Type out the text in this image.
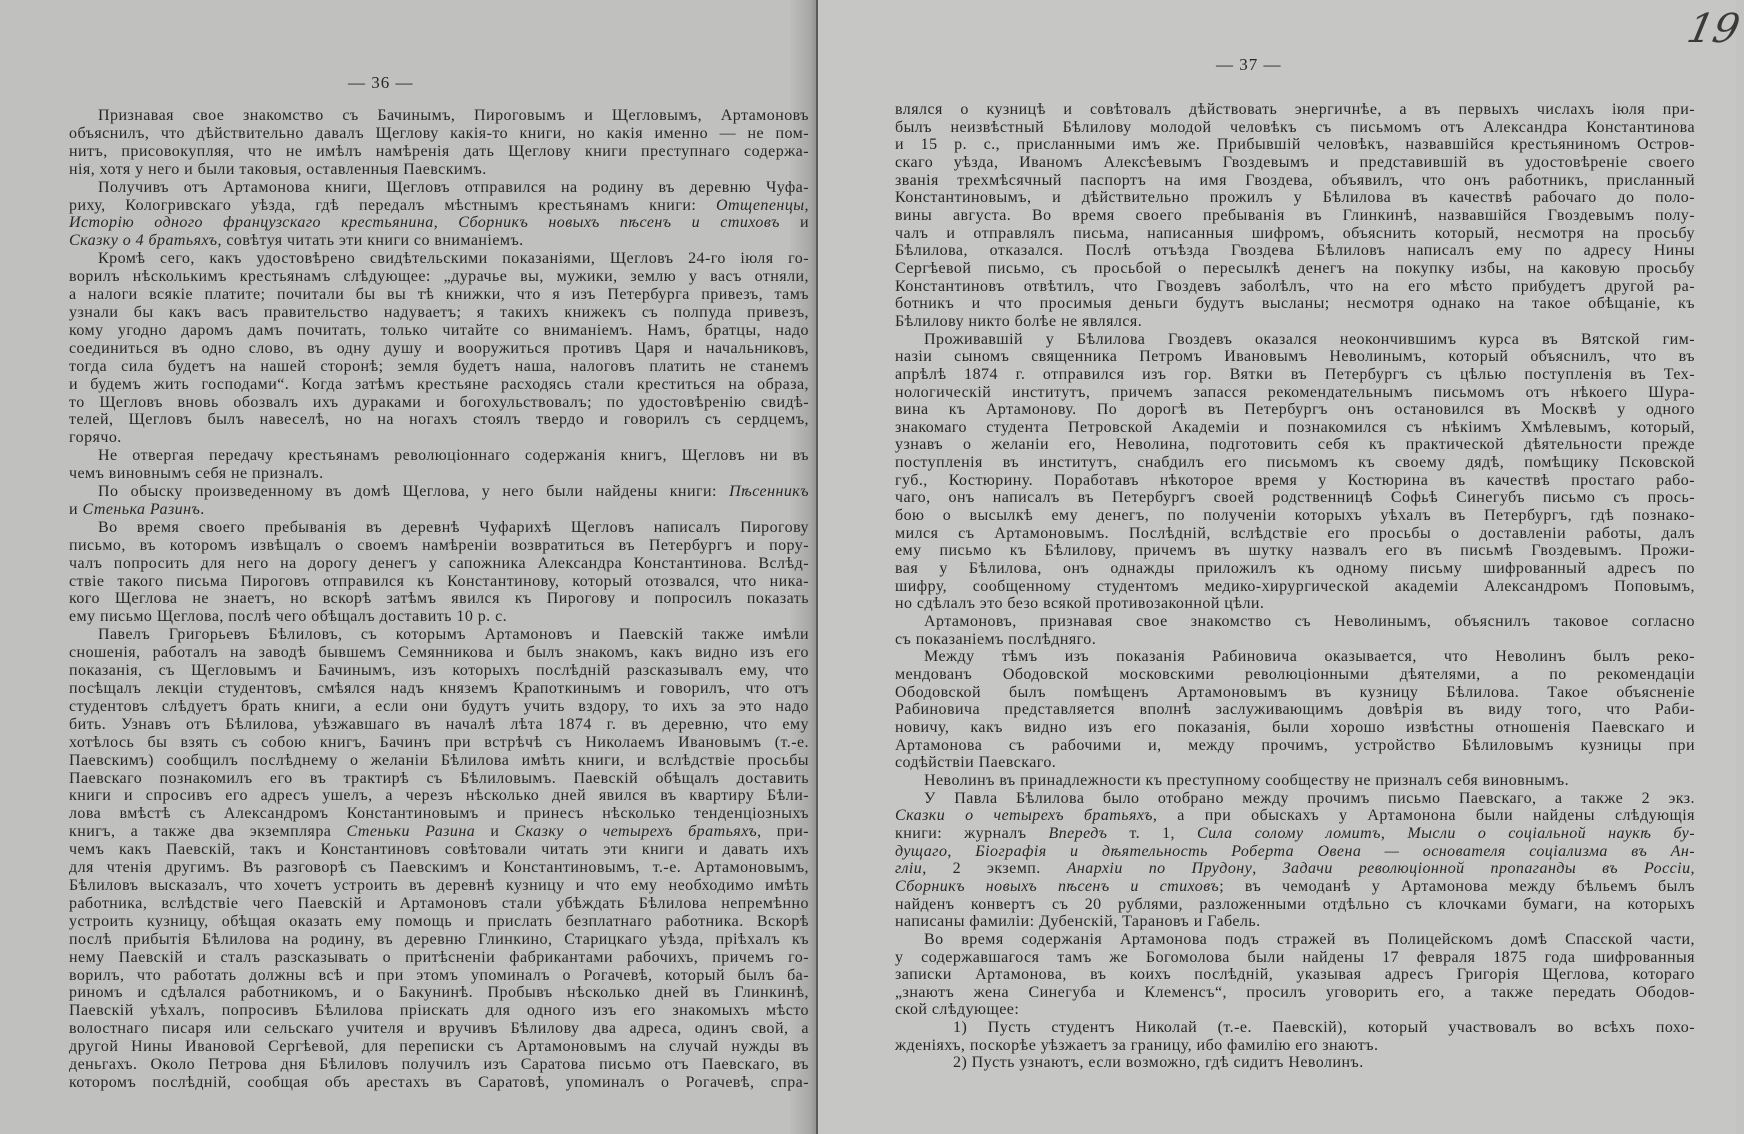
— 36 —
— 37 —
19
Признавая свое знакомство съ Бачинымъ, Пироговымъ и Щегловымъ, Артамоновъ
объяснилъ, что дѣйствительно давалъ Щеглову какія-то книги, но какія именно — не пом-
нитъ, присовокупляя, что не имѣлъ намѣренія дать Щеглову книги преступнаго содержа-
нія, хотя у него и были таковыя, оставленныя Паевскимъ.
Получивъ отъ Артамонова книги, Щегловъ отправился на родину въ деревню Чуфа-
риху, Кологривскаго уѣзда, гдѣ передалъ мѣстнымъ крестьянамъ книги: Отщепенцы,
Исторію одного французскаго крестьянина, Сборникъ новыхъ пѣсенъ и стиховъ и
Сказку о 4 братьяхъ, совѣтуя читать эти книги со вниманіемъ.
Кромѣ сего, какъ удостовѣрено свидѣтельскими показаніями, Щегловъ 24-го іюля го-
ворилъ нѣсколькимъ крестьянамъ слѣдующее: „дурачье вы, мужики, землю у васъ отняли,
а налоги всякіе платите; почитали бы вы тѣ книжки, что я изъ Петербурга привезъ, тамъ
узнали бы какъ васъ правительство надуваетъ; я такихъ книжекъ съ полпуда привезъ,
кому угодно даромъ дамъ почитать, только читайте со вниманіемъ. Намъ, братцы, надо
соединиться въ одно слово, въ одну душу и вооружиться противъ Царя и начальниковъ,
тогда сила будетъ на нашей сторонѣ; земля будетъ наша, налоговъ платить не станемъ
и будемъ жить господами“. Когда затѣмъ крестьяне расходясь стали креститься на образа,
то Щегловъ вновь обозвалъ ихъ дураками и богохульствовалъ; по удостовѣренію свидѣ-
телей, Щегловъ былъ навеселѣ, но на ногахъ стоялъ твердо и говорилъ съ сердцемъ,
горячо.
Не отвергая передачу крестьянамъ революціоннаго содержанія книгъ, Щегловъ ни въ
чемъ виновнымъ себя не призналъ.
По обыску произведенному въ домѣ Щеглова, у него были найдены книги: Пѣсенникъ
и Стенька Разинъ.
Во время своего пребыванія въ деревнѣ Чуфарихѣ Щегловъ написалъ Пирогову
письмо, въ которомъ извѣщалъ о своемъ намѣреніи возвратиться въ Петербургъ и пору-
чалъ попросить для него на дорогу денегъ у сапожника Александра Константинова. Вслѣд-
ствіе такого письма Пироговъ отправился къ Константинову, который отозвался, что ника-
кого Щеглова не знаетъ, но вскорѣ затѣмъ явился къ Пирогову и попросилъ показать
ему письмо Щеглова, послѣ чего обѣщалъ доставить 10 р. с.
Павелъ Григорьевъ Бѣлиловъ, съ которымъ Артамоновъ и Паевскій также имѣли
сношенія, работалъ на заводѣ бывшемъ Семянникова и былъ знакомъ, какъ видно изъ его
показанія, съ Щегловымъ и Бачинымъ, изъ которыхъ послѣдній разсказывалъ ему, что
посѣщалъ лекціи студентовъ, смѣялся надъ княземъ Крапоткинымъ и говорилъ, что отъ
студентовъ слѣдуетъ брать книги, а если они будутъ учить вздору, то ихъ за это надо
бить. Узнавъ отъ Бѣлилова, уѣзжавшаго въ началѣ лѣта 1874 г. въ деревню, что ему
хотѣлось бы взять съ собою книгъ, Бачинъ при встрѣчѣ съ Николаемъ Ивановымъ (т.-е.
Паевскимъ) сообщилъ послѣднему о желаніи Бѣлилова имѣть книги, и вслѣдствіе просьбы
Паевскаго познакомилъ его въ трактирѣ съ Бѣлиловымъ. Паевскій обѣщалъ доставить
книги и спросивъ его адресъ ушелъ, а черезъ нѣсколько дней явился въ квартиру Бѣли-
лова вмѣстѣ съ Александромъ Константиновымъ и принесъ нѣсколько тенденціозныхъ
книгъ, а также два экземпляра Стеньки Разина и Сказку о четырехъ братьяхъ, при-
чемъ какъ Паевскій, такъ и Константиновъ совѣтовали читать эти книги и давать ихъ
для чтенія другимъ. Въ разговорѣ съ Паевскимъ и Константиновымъ, т.-е. Артамоновымъ,
Бѣлиловъ высказалъ, что хочетъ устроить въ деревнѣ кузницу и что ему необходимо имѣть
работника, вслѣдствіе чего Паевскій и Артамоновъ стали убѣждать Бѣлилова непремѣнно
устроить кузницу, обѣщая оказать ему помощь и прислать безплатнаго работника. Вскорѣ
послѣ прибытія Бѣлилова на родину, въ деревню Глинкино, Старицкаго уѣзда, пріѣхалъ къ
нему Паевскій и сталъ разсказывать о притѣсненіи фабрикантами рабочихъ, причемъ го-
ворилъ, что работать должны всѣ и при этомъ упоминалъ о Рогачевѣ, который былъ ба-
риномъ и сдѣлался работникомъ, и о Бакунинѣ. Пробывъ нѣсколько дней въ Глинкинѣ,
Паевскій уѣхалъ, попросивъ Бѣлилова пріискать для одного изъ его знакомыхъ мѣсто
волостнаго писаря или сельскаго учителя и вручивъ Бѣлилову два адреса, одинъ свой, а
другой Нины Ивановой Сергѣевой, для переписки съ Артамоновымъ на случай нужды въ
деньгахъ. Около Петрова дня Бѣлиловъ получилъ изъ Саратова письмо отъ Паевскаго, въ
которомъ послѣдній, сообщая объ арестахъ въ Саратовѣ, упоминалъ о Рогачевѣ, спра-
влялся о кузницѣ и совѣтовалъ дѣйствовать энергичнѣе, а въ первыхъ числахъ іюля при-
былъ неизвѣстный Бѣлилову молодой человѣкъ съ письмомъ отъ Александра Константинова
и 15 р. с., присланными имъ же. Прибывшій человѣкъ, назвавшійся крестьяниномъ Остров-
скаго уѣзда, Иваномъ Алексѣевымъ Гвоздевымъ и представившій въ удостовѣреніе своего
званія трехмѣсячный паспортъ на имя Гвоздева, объявилъ, что онъ работникъ, присланный
Константиновымъ, и дѣйствительно прожилъ у Бѣлилова въ качествѣ рабочаго до поло-
вины августа. Во время своего пребыванія въ Глинкинѣ, назвавшійся Гвоздевымъ полу-
чалъ и отправлялъ письма, написанныя шифромъ, объяснить который, несмотря на просьбу
Бѣлилова, отказался. Послѣ отъѣзда Гвоздева Бѣлиловъ написалъ ему по адресу Нины
Сергѣевой письмо, съ просьбой о пересылкѣ денегъ на покупку избы, на каковую просьбу
Константиновъ отвѣтилъ, что Гвоздевъ заболѣлъ, что на его мѣсто прибудетъ другой ра-
ботникъ и что просимыя деньги будутъ высланы; несмотря однако на такое обѣщаніе, къ
Бѣлилову никто болѣе не являлся.
Проживавшій у Бѣлилова Гвоздевъ оказался неокончившимъ курса въ Вятской гим-
назіи сыномъ священника Петромъ Ивановымъ Неволинымъ, который объяснилъ, что въ
апрѣлѣ 1874 г. отправился изъ гор. Вятки въ Петербургъ съ цѣлью поступленія въ Тех-
нологическій институтъ, причемъ запасся рекомендательнымъ письмомъ отъ нѣкоего Шура-
вина къ Артамонову. По дорогѣ въ Петербургъ онъ остановился въ Москвѣ у одного
знакомаго студента Петровской Академіи и познакомился съ нѣкіимъ Хмѣлевымъ, который,
узнавъ о желаніи его, Неволина, подготовить себя къ практической дѣятельности прежде
поступленія въ институтъ, снабдилъ его письмомъ къ своему дядѣ, помѣщику Псковской
губ., Костюрину. Поработавъ нѣкоторое время у Костюрина въ качествѣ простаго рабо-
чаго, онъ написалъ въ Петербургъ своей родственницѣ Софьѣ Синегубъ письмо съ прось-
бою о высылкѣ ему денегъ, по полученіи которыхъ уѣхалъ въ Петербургъ, гдѣ познако-
мился съ Артамоновымъ. Послѣдній, вслѣдствіе его просьбы о доставленіи работы, далъ
ему письмо къ Бѣлилову, причемъ въ шутку назвалъ его въ письмѣ Гвоздевымъ. Прожи-
вая у Бѣлилова, онъ однажды приложилъ къ одному письму шифрованный адресъ по
шифру, сообщенному студентомъ медико-хирургической академіи Александромъ Поповымъ,
но сдѣлалъ это безо всякой противозаконной цѣли.
Артамоновъ, признавая свое знакомство съ Неволинымъ, объяснилъ таковое согласно
съ показаніемъ послѣдняго.
Между тѣмъ изъ показанія Рабиновича оказывается, что Неволинъ былъ реко-
мендованъ Ободовской московскими революціонными дѣятелями, а по рекомендаціи
Ободовской былъ помѣщенъ Артамоновымъ въ кузницу Бѣлилова. Такое объясненіе
Рабиновича представляется вполнѣ заслуживающимъ довѣрія въ виду того, что Раби-
новичу, какъ видно изъ его показанія, были хорошо извѣстны отношенія Паевскаго и
Артамонова съ рабочими и, между прочимъ, устройство Бѣлиловымъ кузницы при
содѣйствіи Паевскаго.
Неволинъ въ принадлежности къ преступному сообществу не призналъ себя виновнымъ.
У Павла Бѣлилова было отобрано между прочимъ письмо Паевскаго, а также 2 экз.
Сказки о четырехъ братьяхъ, а при обыскахъ у Артамонона были найдены слѣдующія
книги: журналъ Впередъ т. 1, Сила солому ломитъ, Мысли о соціальной наукѣ бу-
дущаго, Біографія и дѣятельность Роберта Овена — основателя соціализма въ Ан-
гліи, 2 экземп. Анархіи по Прудону, Задачи революціонной пропаганды въ Россіи,
Сборникъ новыхъ пѣсенъ и стиховъ; въ чемоданѣ у Артамонова между бѣльемъ былъ
найденъ конвертъ съ 20 рублями, разложенными отдѣльно съ клочками бумаги, на которыхъ
написаны фамиліи: Дубенскій, Тарановъ и Габель.
Во время содержанія Артамонова подъ стражей въ Полицейскомъ домѣ Спасской части,
у содержавшагося тамъ же Богомолова были найдены 17 февраля 1875 года шифрованныя
записки Артамонова, въ коихъ послѣдній, указывая адресъ Григорія Щеглова, котораго
„знаютъ жена Синегуба и Клеменсъ“, просилъ уговорить его, а также передать Ободов-
ской слѣдующее:
1) Пусть студентъ Николай (т.-е. Паевскій), который участвовалъ во всѣхъ похо-
жденіяхъ, поскорѣе уѣзжаетъ за границу, ибо фамилію его знаютъ.
2) Пусть узнаютъ, если возможно, гдѣ сидитъ Неволинъ.
